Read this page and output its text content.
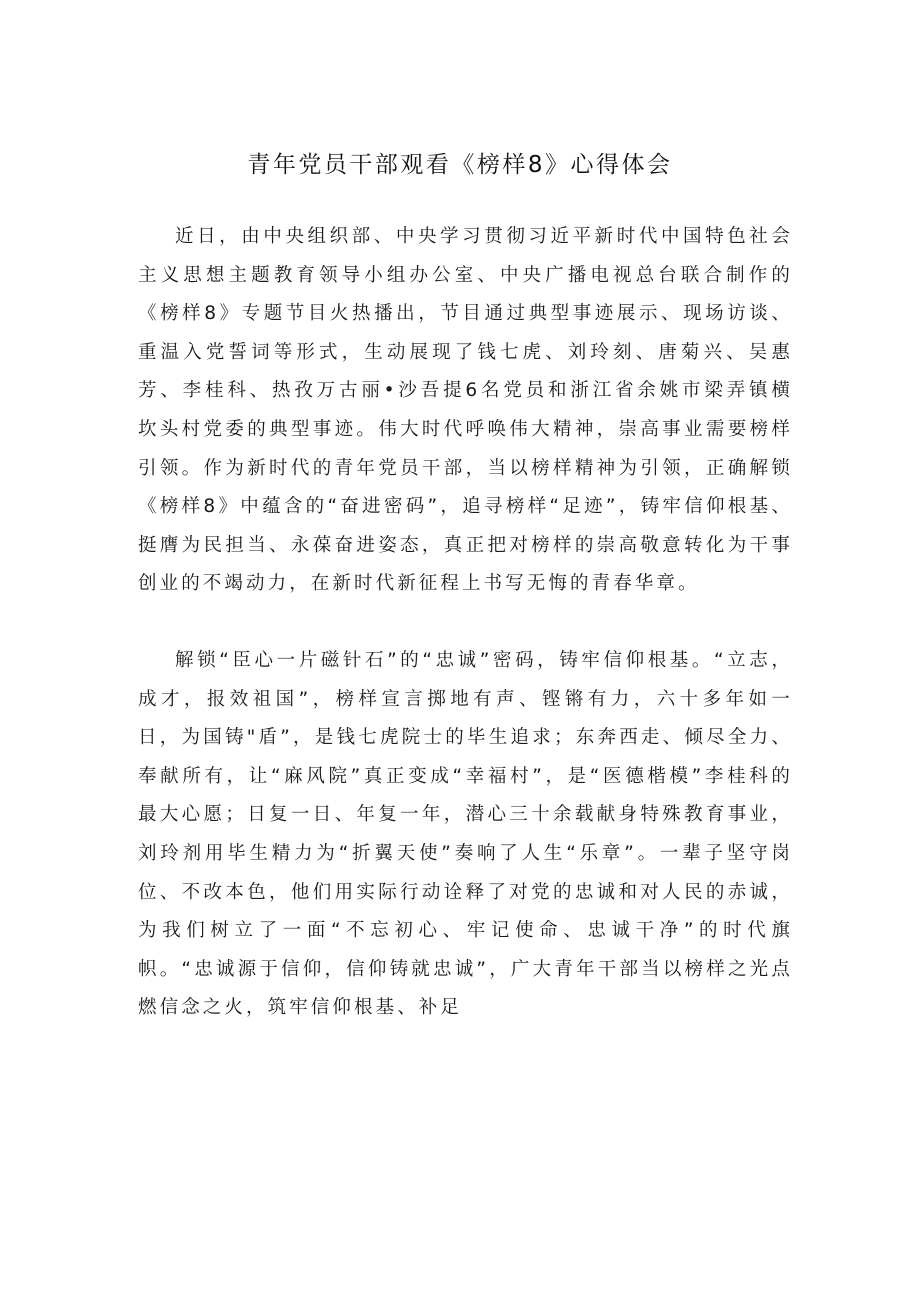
青年党员干部观看《榜样8》心得体会

近日，由中央组织部、中央学习贯彻习近平新时代中国特色社会主义思想主题教育领导小组办公室、中央广播电视总台联合制作的《榜样8》专题节目火热播出，节目通过典型事迹展示、现场访谈、重温入党誓词等形式，生动展现了钱七虎、刘玲刻、唐菊兴、吴惠芳、李桂科、热孜万古丽•沙吾提6名党员和浙江省余姚市梁弄镇横坎头村党委的典型事迹。伟大时代呼唤伟大精神，崇高事业需要榜样引领。作为新时代的青年党员干部，当以榜样精神为引领，正确解锁《榜样8》中蕴含的“奋进密码”，追寻榜样“足迹”，铸牢信仰根基、挺膺为民担当、永葆奋进姿态，真正把对榜样的崇高敬意转化为干事创业的不竭动力，在新时代新征程上书写无悔的青春华章。

解锁“臣心一片磁针石”的“忠诚”密码，铸牢信仰根基。“立志，成才，报效祖国”，榜样宣言掷地有声、铿锵有力，六十多年如一日，为国铸"盾”，是钱七虎院士的毕生追求；东奔西走、倾尽全力、奉献所有，让“麻风院”真正变成“幸福村”，是“医德楷模”李桂科的最大心愿；日复一日、年复一年，潜心三十余载献身特殊教育事业，刘玲剂用毕生精力为“折翼天使”奏响了人生“乐章”。一辈子坚守岗位、不改本色，他们用实际行动诠释了对党的忠诚和对人民的赤诚，为我们树立了一面“不忘初心、牢记使命、忠诚干净”的时代旗帜。“忠诚源于信仰，信仰铸就忠诚”，广大青年干部当以榜样之光点燃信念之火，筑牢信仰根基、补足
